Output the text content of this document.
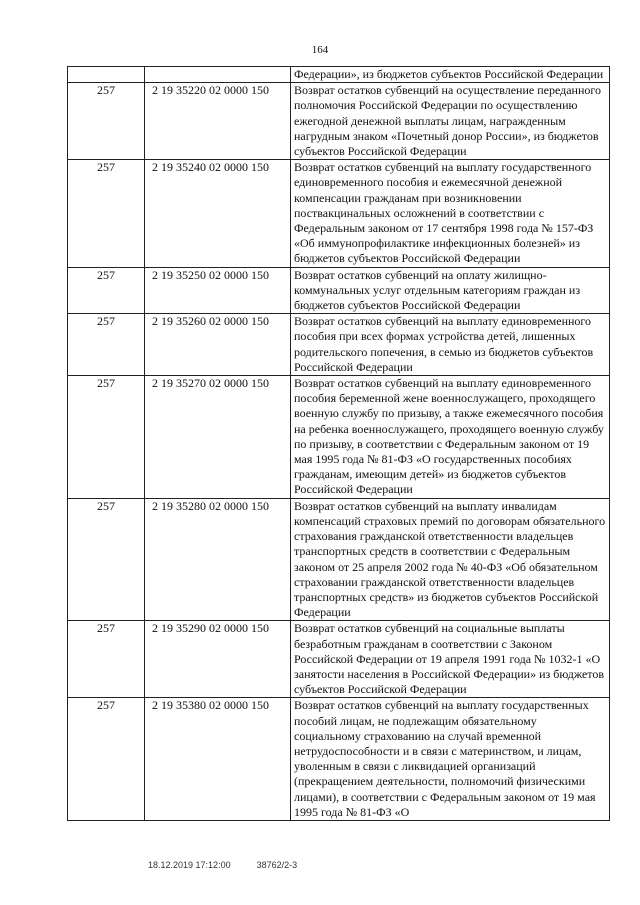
164
		Федерации», из бюджетов субъектов Российской Федерации
257	2 19 35220 02 0000 150	Возврат остатков субвенций на осуществление переданного полномочия Российской Федерации по осуществлению ежегодной денежной выплаты лицам, награжденным нагрудным знаком «Почетный донор России», из бюджетов субъектов Российской Федерации
257	2 19 35240 02 0000 150	Возврат остатков субвенций на выплату государственного единовременного пособия и ежемесячной денежной компенсации гражданам при возникновении поствакцинальных осложнений в соответствии с Федеральным законом от 17 сентября 1998 года № 157-ФЗ «Об иммунопрофилактике инфекционных болезней» из бюджетов субъектов Российской Федерации
257	2 19 35250 02 0000 150	Возврат остатков субвенций на оплату жилищно-коммунальных услуг отдельным категориям граждан из бюджетов субъектов Российской Федерации
257	2 19 35260 02 0000 150	Возврат остатков субвенций на выплату единовременного пособия при всех формах устройства детей, лишенных родительского попечения, в семью из бюджетов субъектов Российской Федерации
257	2 19 35270 02 0000 150	Возврат остатков субвенций на выплату единовременного пособия беременной жене военнослужащего, проходящего военную службу по призыву, а также ежемесячного пособия на ребенка военнослужащего, проходящего военную службу по призыву, в соответствии с Федеральным законом от 19 мая 1995 года № 81-ФЗ «О государственных пособиях гражданам, имеющим детей» из бюджетов субъектов Российской Федерации
257	2 19 35280 02 0000 150	Возврат остатков субвенций на выплату инвалидам компенсаций страховых премий по договорам обязательного страхования гражданской ответственности владельцев транспортных средств в соответствии с Федеральным законом от 25 апреля 2002 года № 40-ФЗ «Об обязательном страховании гражданской ответственности владельцев транспортных средств» из бюджетов субъектов Российской Федерации
257	2 19 35290 02 0000 150	Возврат остатков субвенций на социальные выплаты безработным гражданам в соответствии с Законом Российской Федерации от 19 апреля 1991 года № 1032-1 «О занятости населения в Российской Федерации» из бюджетов субъектов Российской Федерации
257	2 19 35380 02 0000 150	Возврат остатков субвенций на выплату государственных пособий лицам, не подлежащим обязательному социальному страхованию на случай временной нетрудоспособности и в связи с материнством, и лицам, уволенным в связи с ликвидацией организаций (прекращением деятельности, полномочий физическими лицами), в соответствии с Федеральным законом от 19 мая 1995 года № 81-ФЗ «О
18.12.2019 17:12:00	38762/2-3
